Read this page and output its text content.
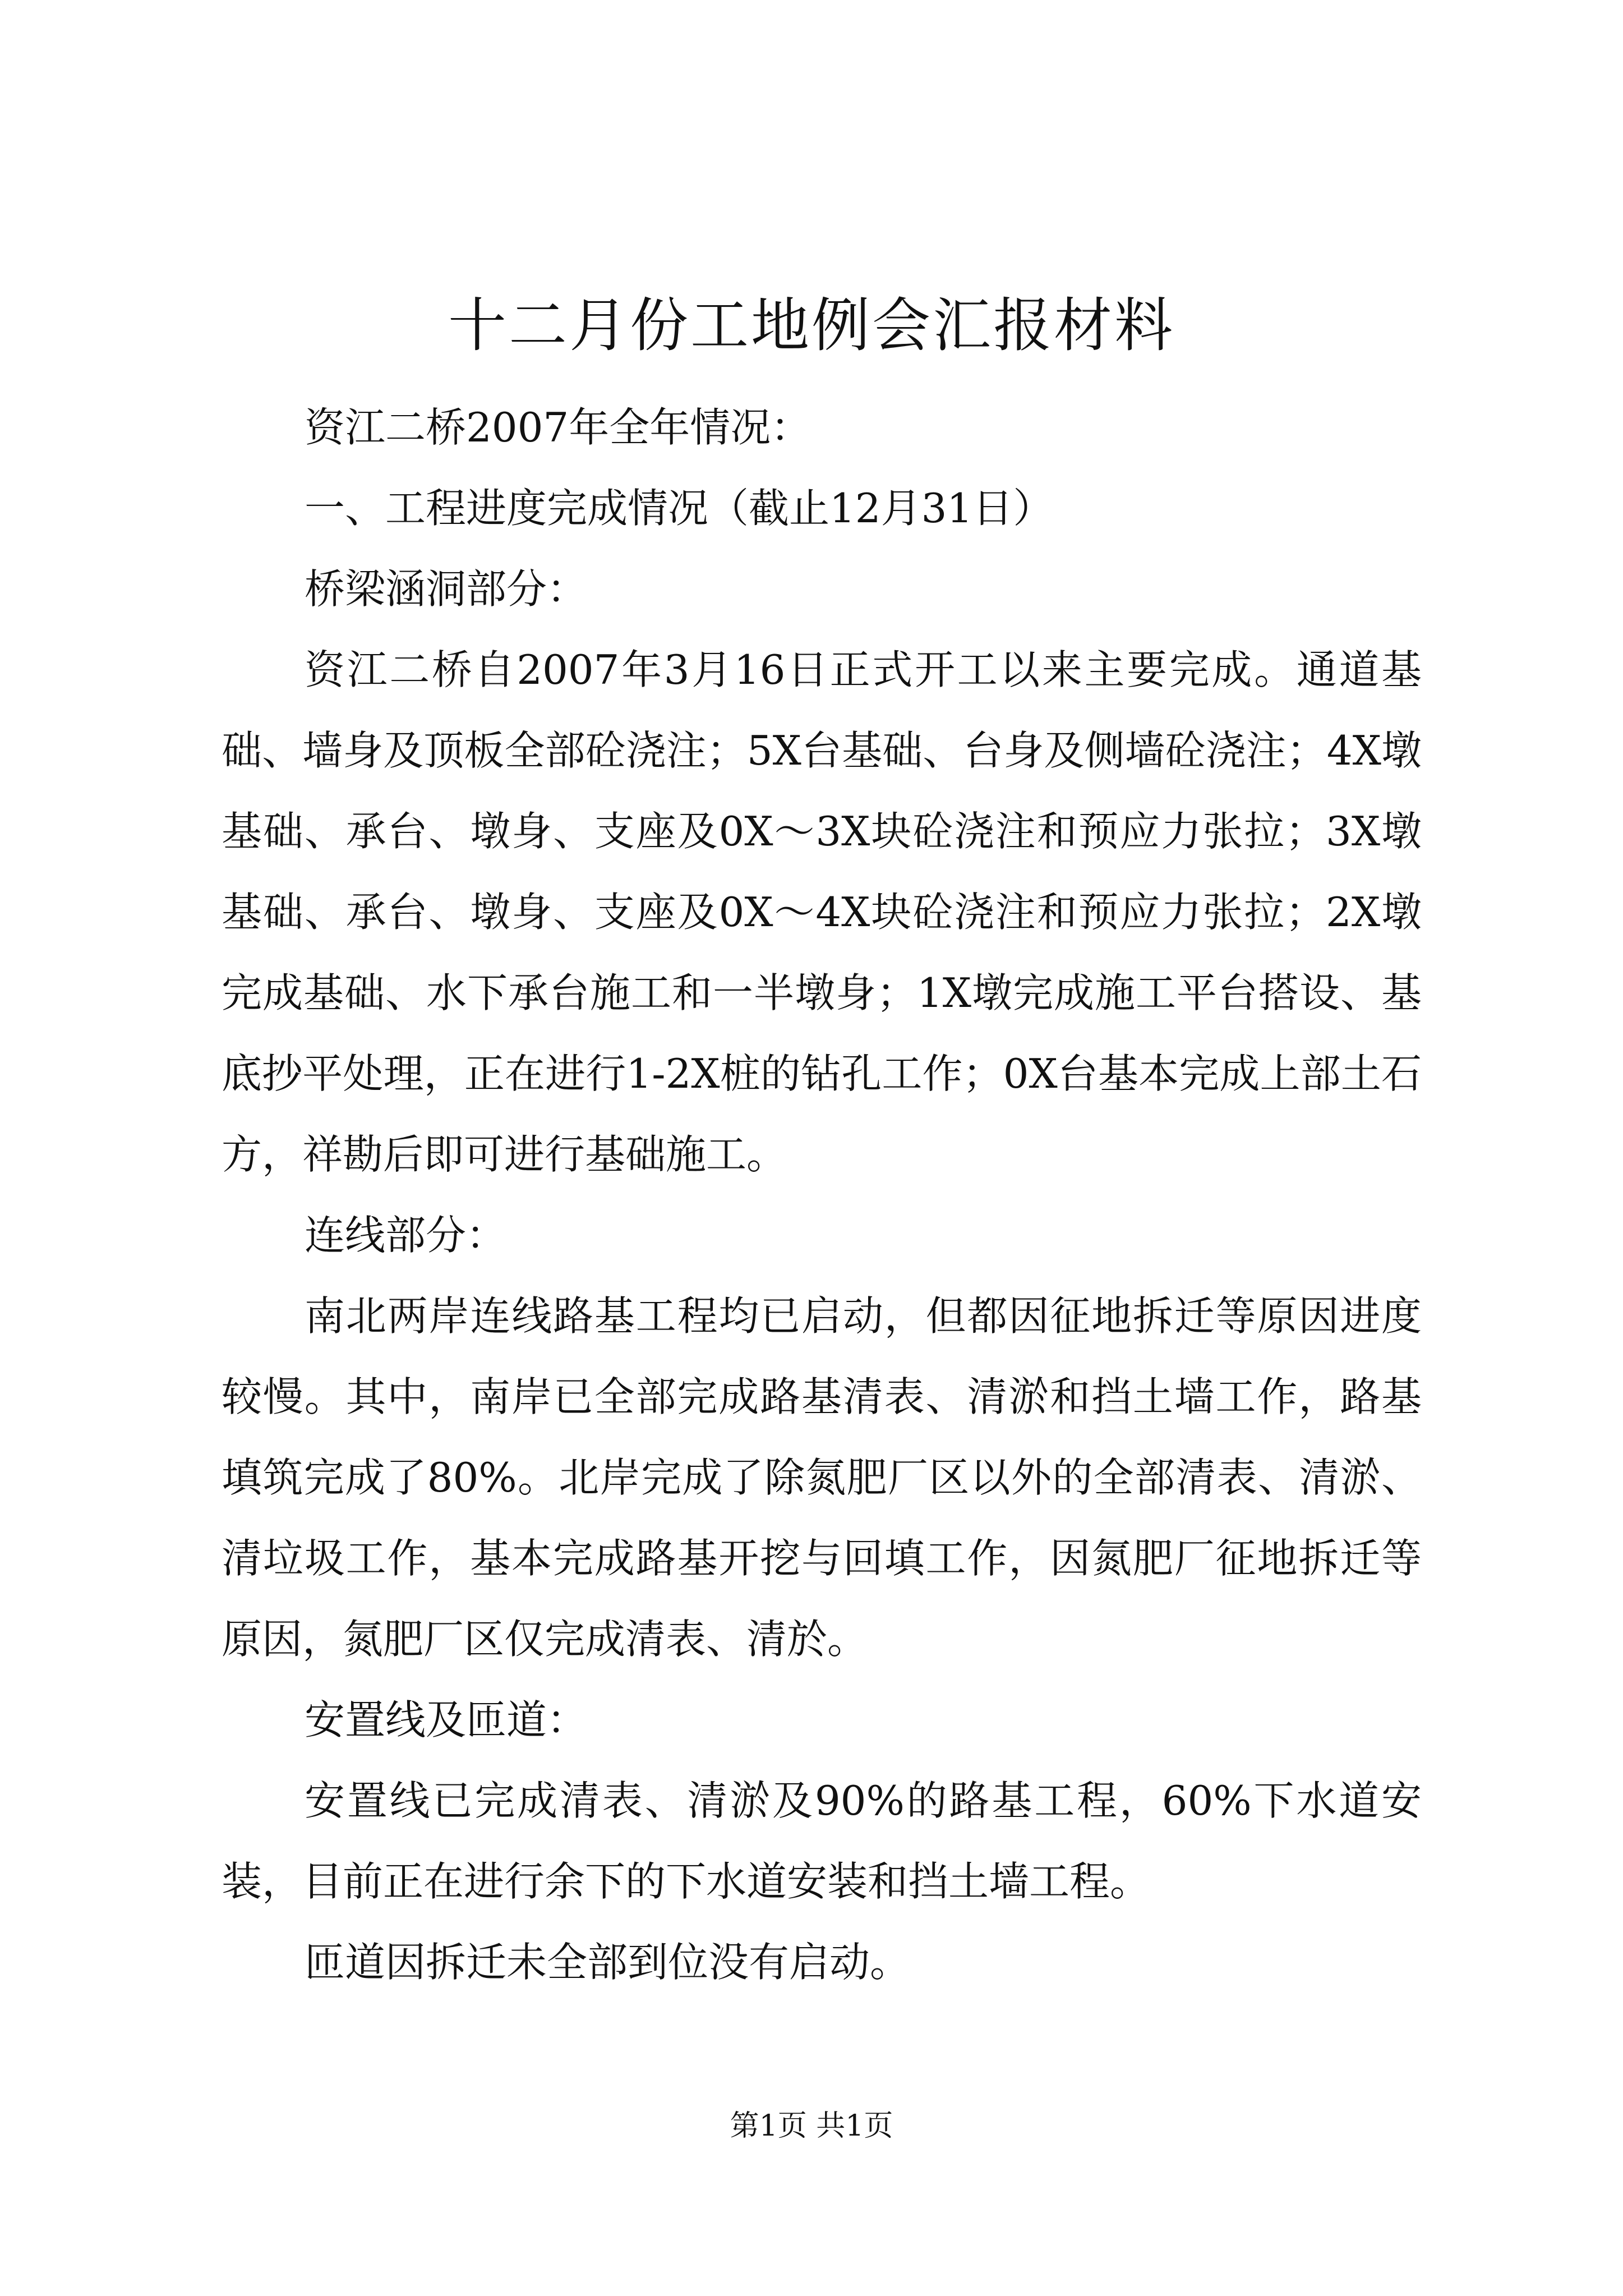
十二月份工地例会汇报材料

资江二桥2007年全年情况：

一、工程进度完成情况（截止12月31日）

桥梁涵洞部分：

资江二桥自2007年3月16日正式开工以来主要完成。通道基础、墙身及顶板全部砼浇注；5X台基础、台身及侧墙砼浇注；4X墩基础、承台、墩身、支座及0X～3X块砼浇注和预应力张拉；3X墩基础、承台、墩身、支座及0X～4X块砼浇注和预应力张拉；2X墩完成基础、水下承台施工和一半墩身；1X墩完成施工平台搭设、基底抄平处理，正在进行1-2X桩的钻孔工作；0X台基本完成上部土石方，祥勘后即可进行基础施工。

连线部分：

南北两岸连线路基工程均已启动，但都因征地拆迁等原因进度较慢。其中，南岸已全部完成路基清表、清淤和挡土墙工作，路基填筑完成了80%。北岸完成了除氮肥厂区以外的全部清表、清淤、清垃圾工作，基本完成路基开挖与回填工作，因氮肥厂征地拆迁等原因，氮肥厂区仅完成清表、清於。

安置线及匝道：

安置线已完成清表、清淤及90%的路基工程，60%下水道安装，目前正在进行余下的下水道安装和挡土墙工程。

匝道因拆迁未全部到位没有启动。

第1页 共1页
